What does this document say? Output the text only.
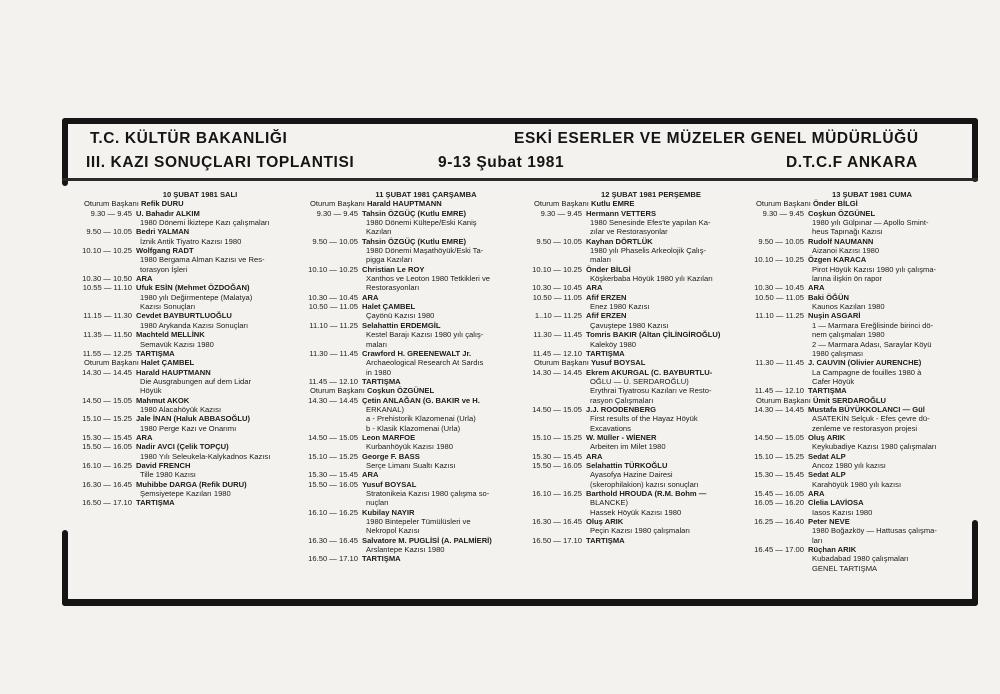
T.C. KÜLTÜR BAKANLIĞI	ESKİ ESERLER VE MÜZELER GENEL MÜDÜRLÜĞÜ
III. KAZI SONUÇLARI TOPLANTISI	9-13 Şubat 1981	D.T.C.F ANKARA
10 ŞUBAT 1981 SALI
Oturum Başkanı Refik DURU
9.30 — 9.45 U. Bahadır ALKIM
1980 Dönemi İkiztepe Kazı çalışmaları
9.50 — 10.05 Bedri YALMAN
İznik Antik Tiyatro Kazısı 1980
10.10 — 10.25 Wolfgang RADT
1980 Bergama Alman Kazısı ve Res-
torasyon İşleri
10.30 — 10.50 ARA
10.55 — 11.10 Ufuk ESİN (Mehmet ÖZDOĞAN)
1980 yılı Değirmentepe (Malatya)
Kazısı Sonuçları
11.15 — 11.30 Cevdet BAYBURTLUOĞLU
1980 Arykanda Kazısı Sonuçları
11.35 — 11.50 Machteld MELLİNK
Semavük Kazısı 1980
11.55 — 12.25 TARTIŞMA
Oturum Başkanı Halet ÇAMBEL
14.30 — 14.45 Harald HAUPTMANN
Die Ausgrabungen auf dem Lidar
Höyük
14.50 — 15.05 Mahmut AKOK
1980 Alacahöyük Kazısı
15.10 — 15.25 Jale İNAN (Haluk ABBASOĞLU)
1980 Perge Kazı ve Onarımı
15.30 — 15.45 ARA
15.50 — 16.05 Nadir AVCI (Çelik TOPÇU)
1980 Yılı Seleukela-Kalykadnos Kazısı
16.10 — 16.25 David FRENCH
Tille 1980 Kazısı
16.30 — 16.45 Muhibbe DARGA (Refik DURU)
Şemsiyetepe Kazıları 1980
16.50 — 17.10 TARTIŞMA
11 ŞUBAT 1981 ÇARŞAMBA
Oturum Başkanı Harald HAUPTMANN
9.30 — 9.45 Tahsin ÖZGÜÇ (Kutlu EMRE)
1980 Dönemi Kültepe/Eski Kaniş
Kazıları
9.50 — 10.05 Tahsin ÖZGÜÇ (Kutlu EMRE)
1980 Dönemi Maşathöyük/Eski Ta-
pigga Kazıları
10.10 — 10.25 Christian Le ROY
Xanthos ve Leoton 1980 Tetkikleri ve
Restorasyonları
10.30 — 10.45 ARA
10.50 — 11.05 Halet ÇAMBEL
Çayönü Kazısı 1980
11.10 — 11.25 Selahattin ERDEMGİL
Kestel Barajı Kazısı 1980 yılı çalış-
maları
11.30 — 11.45 Crawford H. GREENEWALT Jr.
Archaeological Research At Sardıs
in 1980
11.45 — 12.10 TARTIŞMA
Oturum Başkanı Coşkun ÖZGÜNEL
14.30 — 14.45 Çetin ANLAĞAN (G. BAKIR ve H.
ERKANAL)
a - Prehistorik Klazomenai (Urla)
b - Klasik Klazomenai (Urla)
14.50 — 15.05 Leon MARFOE
Kurbanhöyük Kazısı 1980
15.10 — 15.25 George F. BASS
Serçe Limanı Sualtı Kazısı
15.30 — 15.45 ARA
15.50 — 16.05 Yusuf BOYSAL
Stratonikeia Kazısı 1980 çalışma so-
nuçları
16.10 — 16.25 Kubilay NAYIR
1980 Bintepeler Tümülüsleri ve
Nekropol Kazısı
16.30 — 16.45 Salvatore M. PUGLİSİ (A. PALMİERİ)
Arslantepe Kazısı 1980
16.50 — 17.10 TARTIŞMA
12 ŞUBAT 1981 PERŞEMBE
Oturum Başkanı Kutlu EMRE
9.30 — 9.45 Hermann VETTERS
1980 Senesinde Efes'te yapılan Ka-
zılar ve Restorasyonlar
9.50 — 10.05 Kayhan DÖRTLÜK
1980 yılı Phaselis Arkeolojik Çalış-
maları
10.10 — 10.25 Önder BİLGİ
Köşkerbaba Höyük 1980 yılı Kazıları
10.30 — 10.45 ARA
10.50 — 11.05 Afif ERZEN
Enez 1980 Kazısı
1..10 — 11.25 Afif ERZEN
Çavuştepe 1980 Kazısı
11.30 — 11.45 Tomris BAKIR (Altan ÇİLİNGİROĞLU)
Kaleköy 1980
11.45 — 12.10 TARTIŞMA
Oturum Başkanı Yusuf BOYSAL
14.30 — 14.45 Ekrem AKURGAL (C. BAYBURTLU-
OĞLU — Ü. SERDAROĞLU)
Erythrai Tiyatrosu Kazıları ve Resto-
rasyon Çalışmaları
14.50 — 15.05 J.J. ROODENBERG
First results of the Hayaz Höyük
Excavations
15.10 — 15.25 W. Müller - WİENER
Arbeiten im Milet 1980
15.30 — 15.45 ARA
15.50 — 16.05 Selahattin TÜRKOĞLU
Ayasofya Hazine Dairesi
(skerophilakion) kazısı sonuçları
16.10 — 16.25 Barthold HROUDA (R.M. Bohm —
BLANCKE)
Hassek Höyük Kazısı 1980
16.30 — 16.45 Oluş ARIK
Peçin Kazısı 1980 çalışmaları
16.50 — 17.10 TARTIŞMA
13 ŞUBAT 1981 CUMA
Oturum Başkanı Önder BİLGİ
9.30 — 9.45 Coşkun ÖZGÜNEL
1980 yılı Gülpınar — Apollo Smint-
heus Tapınağı Kazısı
9.50 — 10.05 Rudolf NAUMANN
Aizanoi Kazısı 1980
10.10 — 10.25 Özgen KARACA
Pirot Höyük Kazısı 1980 yılı çalışma-
larına ilişkin ön rapor
10.30 — 10.45 ARA
10.50 — 11.05 Baki ÖĞÜN
Kaunos Kazıları 1980
11.10 — 11.25 Nuşin ASGARİ
1 — Marmara Ereğlisinde birinci dö-
nem çalışmaları 1980
2 — Marmara Adası, Saraylar Köyü
1980 çalışması
11.30 — 11.45 J. CAUVIN (Olivier AURENCHE)
La Campagne de fouilles 1980 à
Cafer Höyük
11.45 — 12.10 TARTIŞMA
Oturum Başkanı Ümit SERDAROĞLU
14.30 — 14.45 Mustafa BÜYÜKKOLANCI — Gül
ASATEKİN Selçuk - Efes çevre dü-
zenleme ve restorasyon projesi
14.50 — 15.05 Oluş ARIK
Keykubadiye Kazısı 1980 çalışmaları
15.10 — 15.25 Sedat ALP
Ancoz 1980 yılı kazısı
15.30 — 15.45 Sedat ALP
Karahöyük 1980 yılı kazısı
15.45 — 16.05 ARA
16.05 — 16.20 Clelia LAVİOSA
Iasos Kazısı 1980
16.25 — 16.40 Peter NEVE
1980 Boğazköy — Hattusas çalışma-
ları
16.45 — 17.00 Rüçhan ARIK
Kubadabad 1980 çalışmaları
GENEL TARTIŞMA
